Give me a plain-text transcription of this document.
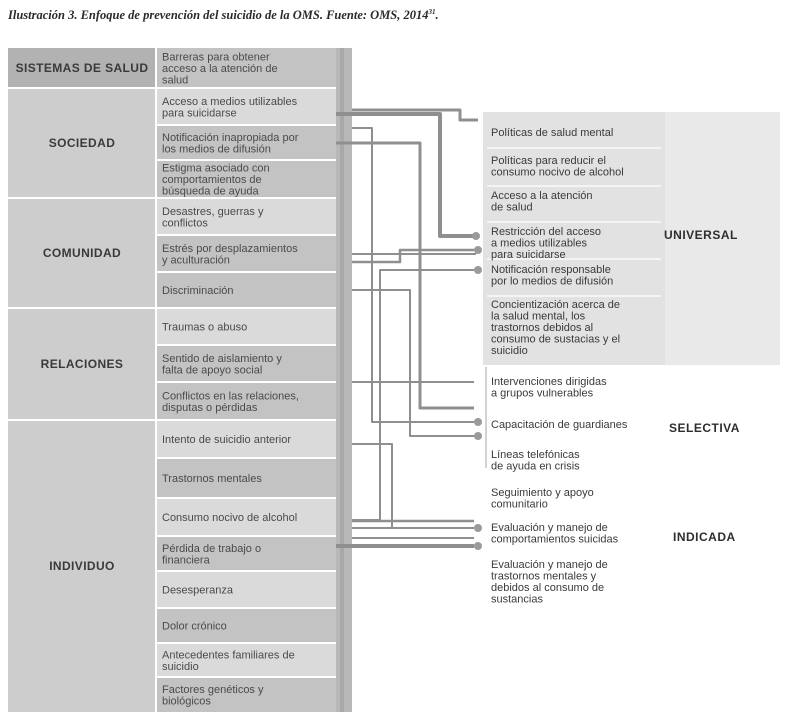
Ilustración 3. Enfoque de prevención del suicidio de la OMS. Fuente: OMS, 2014$^{31}$.

SISTEMAS DE SALUD
SOCIEDAD
COMUNIDAD
RELACIONES
INDIVIDUO
Barreras para obtener acceso a la atención de salud
Acceso a medios utilizables para suicidarse
Notificación inapropiada por los medios de difusión
Estigma asociado con comportamientos de búsqueda de ayuda
Desastres, guerras y conflictos
Estrés por desplazamientos y aculturación
Discriminación
Traumas o abuso
Sentido de aislamiento y falta de apoyo social
Conflictos en las relaciones, disputas o pérdidas
Intento de suicidio anterior
Trastornos mentales
Consumo nocivo de alcohol
Pérdida de trabajo o financiera
Desesperanza
Dolor crónico
Antecedentes familiares de suicidio
Factores genéticos y biológicos
Políticas de salud mental
Políticas para reducir el consumo nocivo de alcohol
Acceso a la atención de salud
Restricción del acceso a medios utilizables para suicidarse
Notificación responsable por lo medios de difusión
Concientización acerca de la salud mental, los trastornos debidos al consumo de sustacias y el suicidio
Intervenciones dirigidas a grupos vulnerables
Capacitación de guardianes
Líneas telefónicas de ayuda en crisis
Seguimiento y apoyo comunitario
Evaluación y manejo de comportamientos suicidas
Evaluación y manejo de trastornos mentales y debidos al consumo de sustancias
UNIVERSAL
SELECTIVA
INDICADA
